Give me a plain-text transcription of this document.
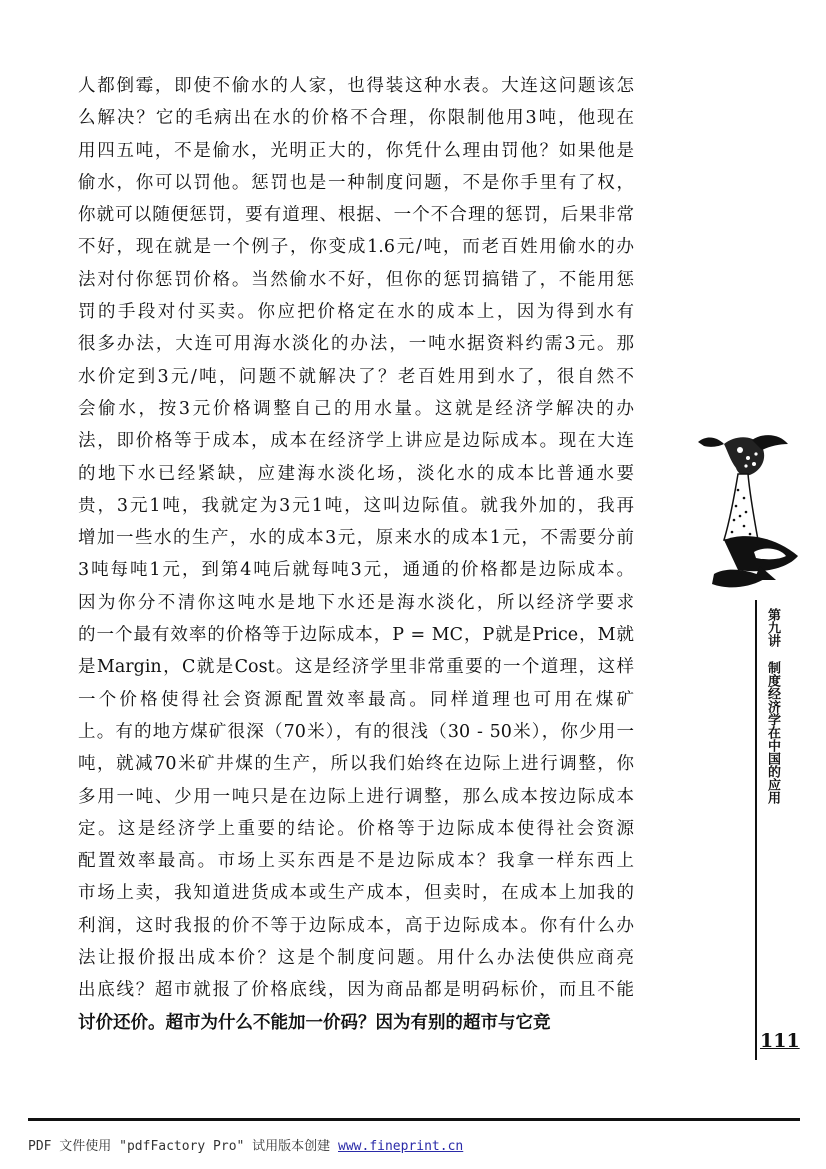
人都倒霉，即使不偷水的人家，也得装这种水表。大连这问题该怎
么解决？它的毛病出在水的价格不合理，你限制他用3吨，他现在
用四五吨，不是偷水，光明正大的，你凭什么理由罚他？如果他是
偷水，你可以罚他。惩罚也是一种制度问题，不是你手里有了权，
你就可以随便惩罚，要有道理、根据、一个不合理的惩罚，后果非常
不好，现在就是一个例子，你变成1.6元/吨，而老百姓用偷水的办
法对付你惩罚价格。当然偷水不好，但你的惩罚搞错了，不能用惩
罚的手段对付买卖。你应把价格定在水的成本上，因为得到水有
很多办法，大连可用海水淡化的办法，一吨水据资料约需3元。那
水价定到3元/吨，问题不就解决了？老百姓用到水了，很自然不
会偷水，按3元价格调整自己的用水量。这就是经济学解决的办
法，即价格等于成本，成本在经济学上讲应是边际成本。现在大连
的地下水已经紧缺，应建海水淡化场，淡化水的成本比普通水要
贵，3元1吨，我就定为3元1吨，这叫边际值。就我外加的，我再
增加一些水的生产，水的成本3元，原来水的成本1元，不需要分前
3吨每吨1元，到第4吨后就每吨3元，通通的价格都是边际成本。
因为你分不清你这吨水是地下水还是海水淡化，所以经济学要求
的一个最有效率的价格等于边际成本，P = MC，P就是Price，M就
是Margin，C就是Cost。这是经济学里非常重要的一个道理，这样
一个价格使得社会资源配置效率最高。同样道理也可用在煤矿
上。有的地方煤矿很深（70米），有的很浅（30 - 50米），你少用一
吨，就减70米矿井煤的生产，所以我们始终在边际上进行调整，你
多用一吨、少用一吨只是在边际上进行调整，那么成本按边际成本
定。这是经济学上重要的结论。价格等于边际成本使得社会资源
配置效率最高。市场上买东西是不是边际成本？我拿一样东西上
市场上卖，我知道进货成本或生产成本，但卖时，在成本上加我的
利润，这时我报的价不等于边际成本，高于边际成本。你有什么办
法让报价报出成本价？这是个制度问题。用什么办法使供应商亮
出底线？超市就报了价格底线，因为商品都是明码标价，而且不能
讨价还价。超市为什么不能加一价码？因为有别的超市与它竞
第九讲制度经济学在中国的应用
111
PDF 文件使用 "pdfFactory Pro" 试用版本创建 www.fineprint.cn
